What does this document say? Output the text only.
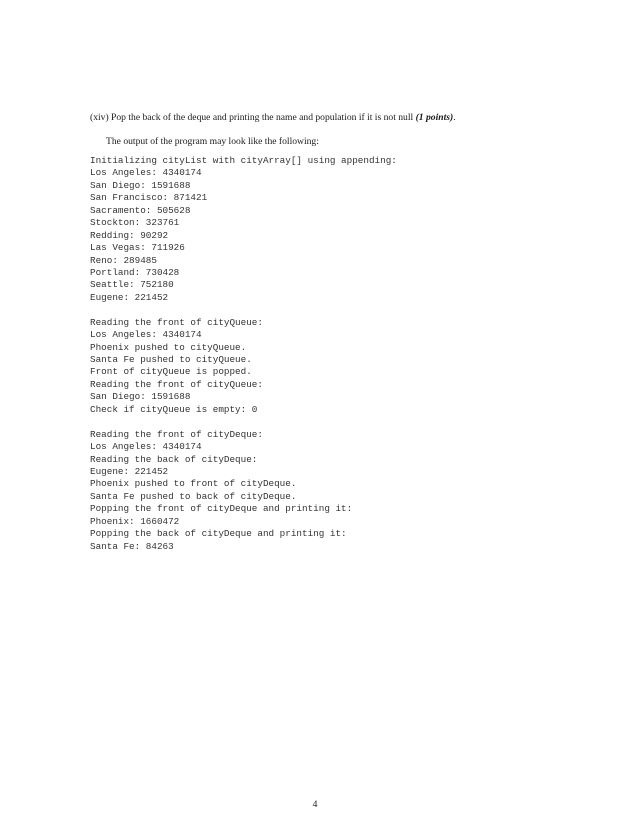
(xiv) Pop the back of the deque and printing the name and population if it is not null (1 points).
The output of the program may look like the following:
Initializing cityList with cityArray[] using appending:
Los Angeles: 4340174
San Diego: 1591688
San Francisco: 871421
Sacramento: 505628
Stockton: 323761
Redding: 90292
Las Vegas: 711926
Reno: 289485
Portland: 730428
Seattle: 752180
Eugene: 221452
Reading the front of cityQueue:
Los Angeles: 4340174
Phoenix pushed to cityQueue.
Santa Fe pushed to cityQueue.
Front of cityQueue is popped.
Reading the front of cityQueue:
San Diego: 1591688
Check if cityQueue is empty: 0
Reading the front of cityDeque:
Los Angeles: 4340174
Reading the back of cityDeque:
Eugene: 221452
Phoenix pushed to front of cityDeque.
Santa Fe pushed to back of cityDeque.
Popping the front of cityDeque and printing it:
Phoenix: 1660472
Popping the back of cityDeque and printing it:
Santa Fe: 84263
4
